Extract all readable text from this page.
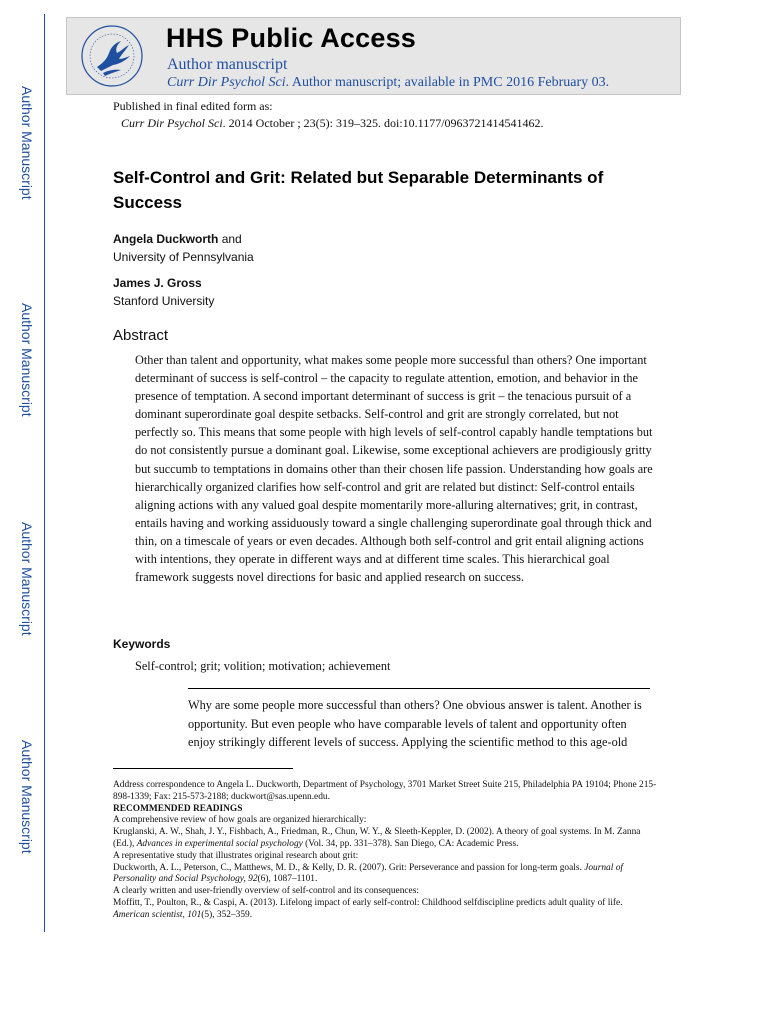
Author Manuscript
Author Manuscript
Author Manuscript
Author Manuscript
HHS Public Access
Author manuscript
Curr Dir Psychol Sci. Author manuscript; available in PMC 2016 February 03.
Published in final edited form as:
Curr Dir Psychol Sci. 2014 October ; 23(5): 319–325. doi:10.1177/0963721414541462.
Self-Control and Grit: Related but Separable Determinants of Success
Angela Duckworth and
University of Pennsylvania
James J. Gross
Stanford University
Abstract
Other than talent and opportunity, what makes some people more successful than others? One important determinant of success is self-control – the capacity to regulate attention, emotion, and behavior in the presence of temptation. A second important determinant of success is grit – the tenacious pursuit of a dominant superordinate goal despite setbacks. Self-control and grit are strongly correlated, but not perfectly so. This means that some people with high levels of self-control capably handle temptations but do not consistently pursue a dominant goal. Likewise, some exceptional achievers are prodigiously gritty but succumb to temptations in domains other than their chosen life passion. Understanding how goals are hierarchically organized clarifies how self-control and grit are related but distinct: Self-control entails aligning actions with any valued goal despite momentarily more-alluring alternatives; grit, in contrast, entails having and working assiduously toward a single challenging superordinate goal through thick and thin, on a timescale of years or even decades. Although both self-control and grit entail aligning actions with intentions, they operate in different ways and at different time scales. This hierarchical goal framework suggests novel directions for basic and applied research on success.
Keywords
Self-control; grit; volition; motivation; achievement
Why are some people more successful than others? One obvious answer is talent. Another is opportunity. But even people who have comparable levels of talent and opportunity often enjoy strikingly different levels of success. Applying the scientific method to this age-old
Address correspondence to Angela L. Duckworth, Department of Psychology, 3701 Market Street Suite 215, Philadelphia PA 19104; Phone 215-898-1339; Fax: 215-573-2188; duckwort@sas.upenn.edu.
RECOMMENDED READINGS
A comprehensive review of how goals are organized hierarchically:
Kruglanski, A. W., Shah, J. Y., Fishbach, A., Friedman, R., Chun, W. Y., & Sleeth-Keppler, D. (2002). A theory of goal systems. In M. Zanna (Ed.), Advances in experimental social psychology (Vol. 34, pp. 331–378). San Diego, CA: Academic Press.
A representative study that illustrates original research about grit:
Duckworth, A. L., Peterson, C., Matthews, M. D., & Kelly, D. R. (2007). Grit: Perseverance and passion for long-term goals. Journal of Personality and Social Psychology, 92(6), 1087–1101.
A clearly written and user-friendly overview of self-control and its consequences:
Moffitt, T., Poulton, R., & Caspi, A. (2013). Lifelong impact of early self-control: Childhood selfdiscipline predicts adult quality of life. American scientist, 101(5), 352–359.
